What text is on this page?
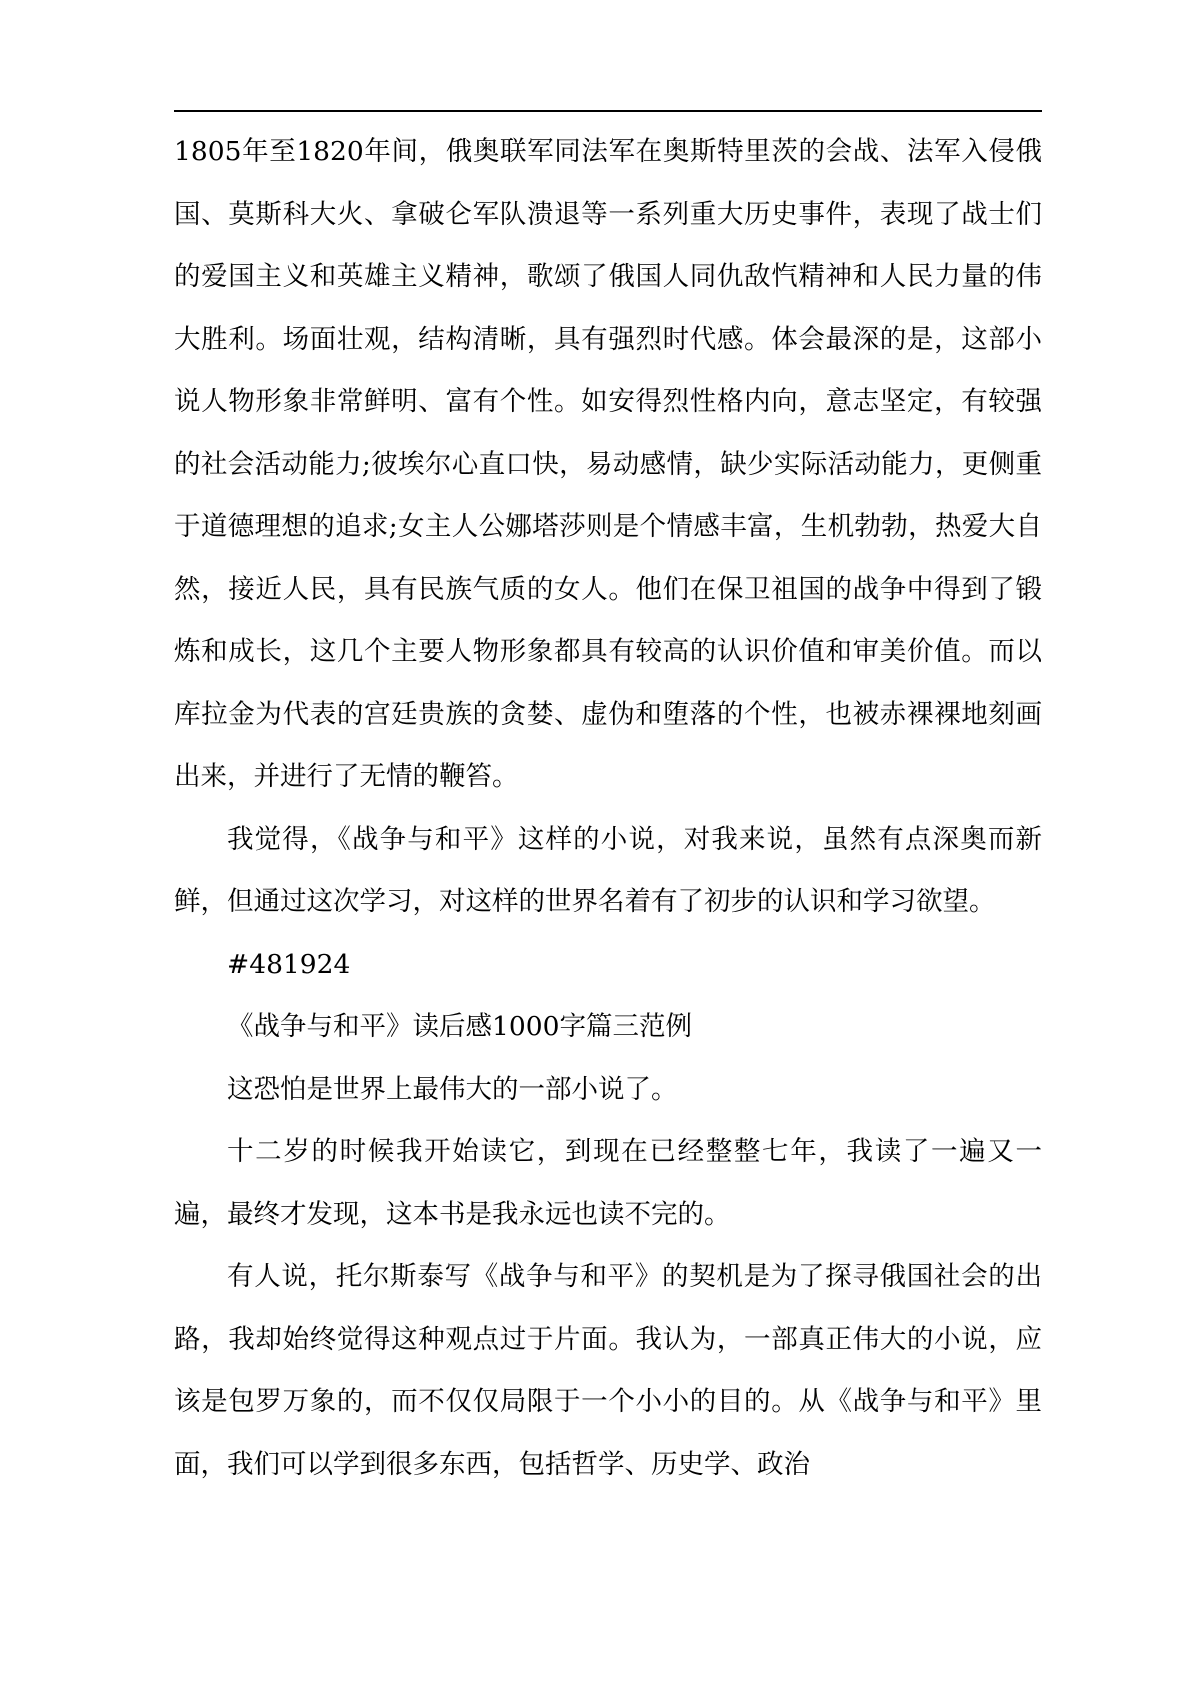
1805年至1820年间，俄奥联军同法军在奥斯特里茨的会战、法军入侵俄国、莫斯科大火、拿破仑军队溃退等一系列重大历史事件，表现了战士们的爱国主义和英雄主义精神，歌颂了俄国人同仇敌忾精神和人民力量的伟大胜利。场面壮观，结构清晰，具有强烈时代感。体会最深的是，这部小说人物形象非常鲜明、富有个性。如安得烈性格内向，意志坚定，有较强的社会活动能力;彼埃尔心直口快，易动感情，缺少实际活动能力，更侧重于道德理想的追求;女主人公娜塔莎则是个情感丰富，生机勃勃，热爱大自然，接近人民，具有民族气质的女人。他们在保卫祖国的战争中得到了锻炼和成长，这几个主要人物形象都具有较高的认识价值和审美价值。而以库拉金为代表的宫廷贵族的贪婪、虚伪和堕落的个性，也被赤裸裸地刻画出来，并进行了无情的鞭笞。

我觉得，《战争与和平》这样的小说，对我来说，虽然有点深奥而新鲜，但通过这次学习，对这样的世界名着有了初步的认识和学习欲望。

#481924

《战争与和平》读后感1000字篇三范例

这恐怕是世界上最伟大的一部小说了。

十二岁的时候我开始读它，到现在已经整整七年，我读了一遍又一遍，最终才发现，这本书是我永远也读不完的。

有人说，托尔斯泰写《战争与和平》的契机是为了探寻俄国社会的出路，我却始终觉得这种观点过于片面。我认为，一部真正伟大的小说，应该是包罗万象的，而不仅仅局限于一个小小的目的。从《战争与和平》里面，我们可以学到很多东西，包括哲学、历史学、政治
